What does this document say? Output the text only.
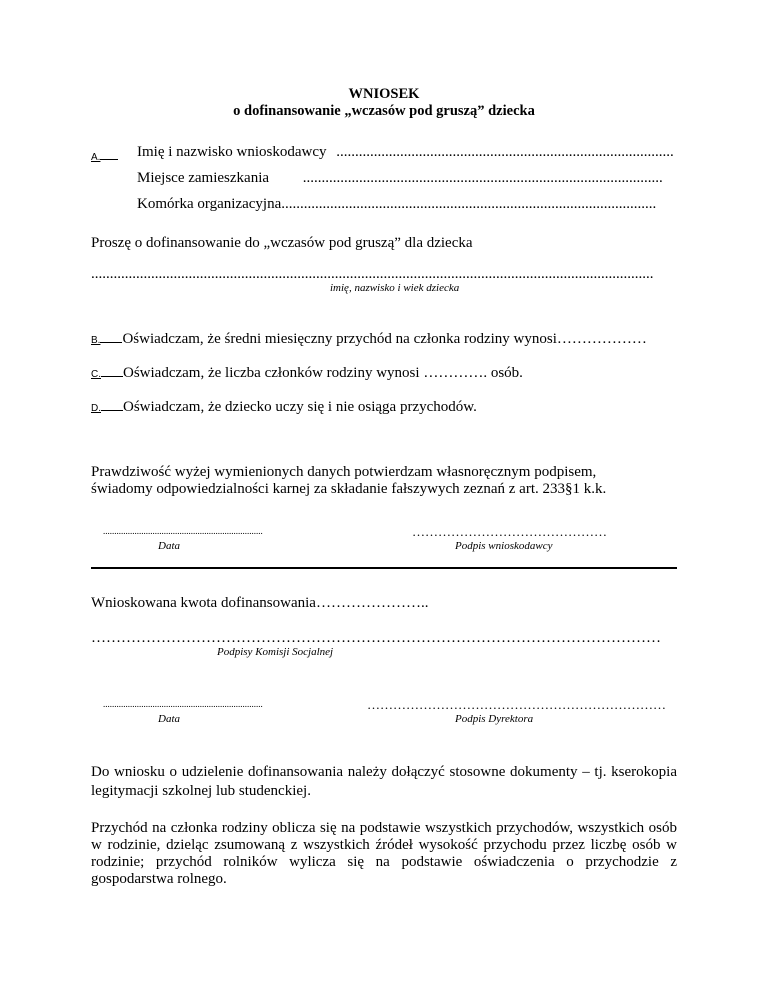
WNIOSEK
o dofinansowanie „wczasów pod gruszą” dziecka
A.	Imię i nazwisko wnioskodawcy ..........................................................................................
Miejsce zamieszkania ................................................................................................
Komórka organizacyjna....................................................................................................
Proszę o dofinansowanie do „wczasów pod gruszą” dla dziecka
......................................................................................................................................................
imię, nazwisko i wiek dziecka
B. Oświadczam, że średni miesięczny przychód na członka rodziny wynosi………………
C. Oświadczam, że liczba członków rodziny wynosi …………. osób.
D. Oświadczam, że dziecko uczy się i nie osiąga przychodów.
Prawdziwość wyżej wymienionych danych potwierdzam własnoręcznym podpisem,
świadomy odpowiedzialności karnej za składanie fałszywych zeznań z art. 233§1 k.k.
.......................................................................
Data
………………………………………
Podpis wnioskodawcy
Wnioskowana kwota dofinansowania…………………..
……………………………………………………………………………………………………
Podpisy Komisji Socjalnej
.......................................................................
Data
……………………………………………………………
Podpis Dyrektora
Do wniosku o udzielenie dofinansowania należy dołączyć stosowne dokumenty – tj. kserokopia legitymacji szkolnej lub studenckiej.
Przychód na członka rodziny oblicza się na podstawie wszystkich przychodów, wszystkich osób w rodzinie, dzieląc zsumowaną z wszystkich źródeł wysokość przychodu przez liczbę osób w rodzinie; przychód rolników wylicza się na podstawie oświadczenia o przychodzie z gospodarstwa rolnego.
